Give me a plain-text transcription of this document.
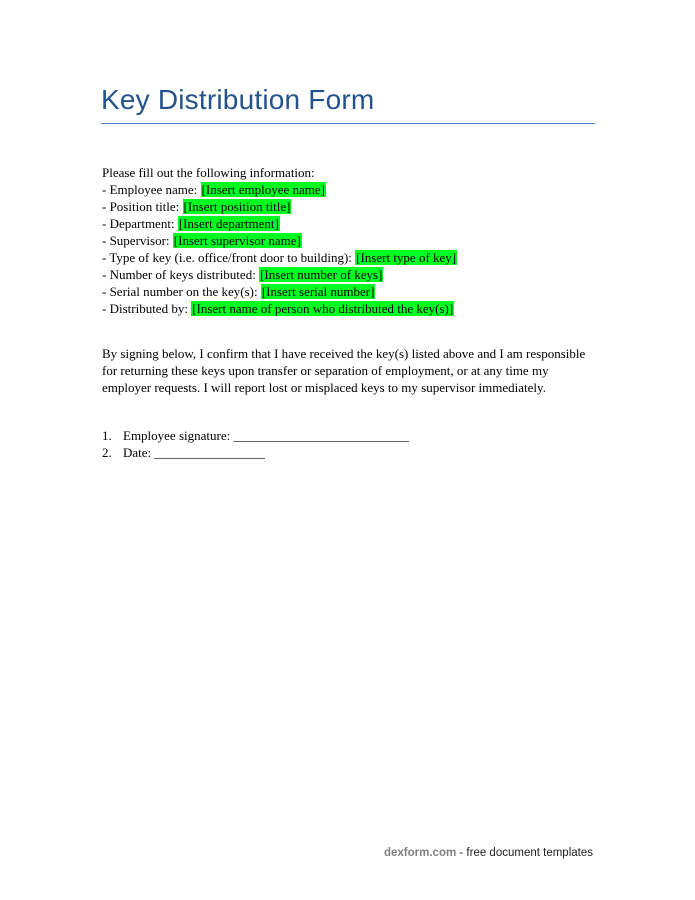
Key Distribution Form
Please fill out the following information:
- Employee name: [Insert employee name]
- Position title: [Insert position title]
- Department: [Insert department]
- Supervisor: [Insert supervisor name]
- Type of key (i.e. office/front door to building): [Insert type of key]
- Number of keys distributed: [Insert number of keys]
- Serial number on the key(s): [Insert serial number]
- Distributed by: [Insert name of person who distributed the key(s)]

By signing below, I confirm that I have received the key(s) listed above and I am responsible for returning these keys upon transfer or separation of employment, or at any time my employer requests. I will report lost or misplaced keys to my supervisor immediately.

1. Employee signature: ___________________________
2. Date: _________________
dexform.com - free document templates
